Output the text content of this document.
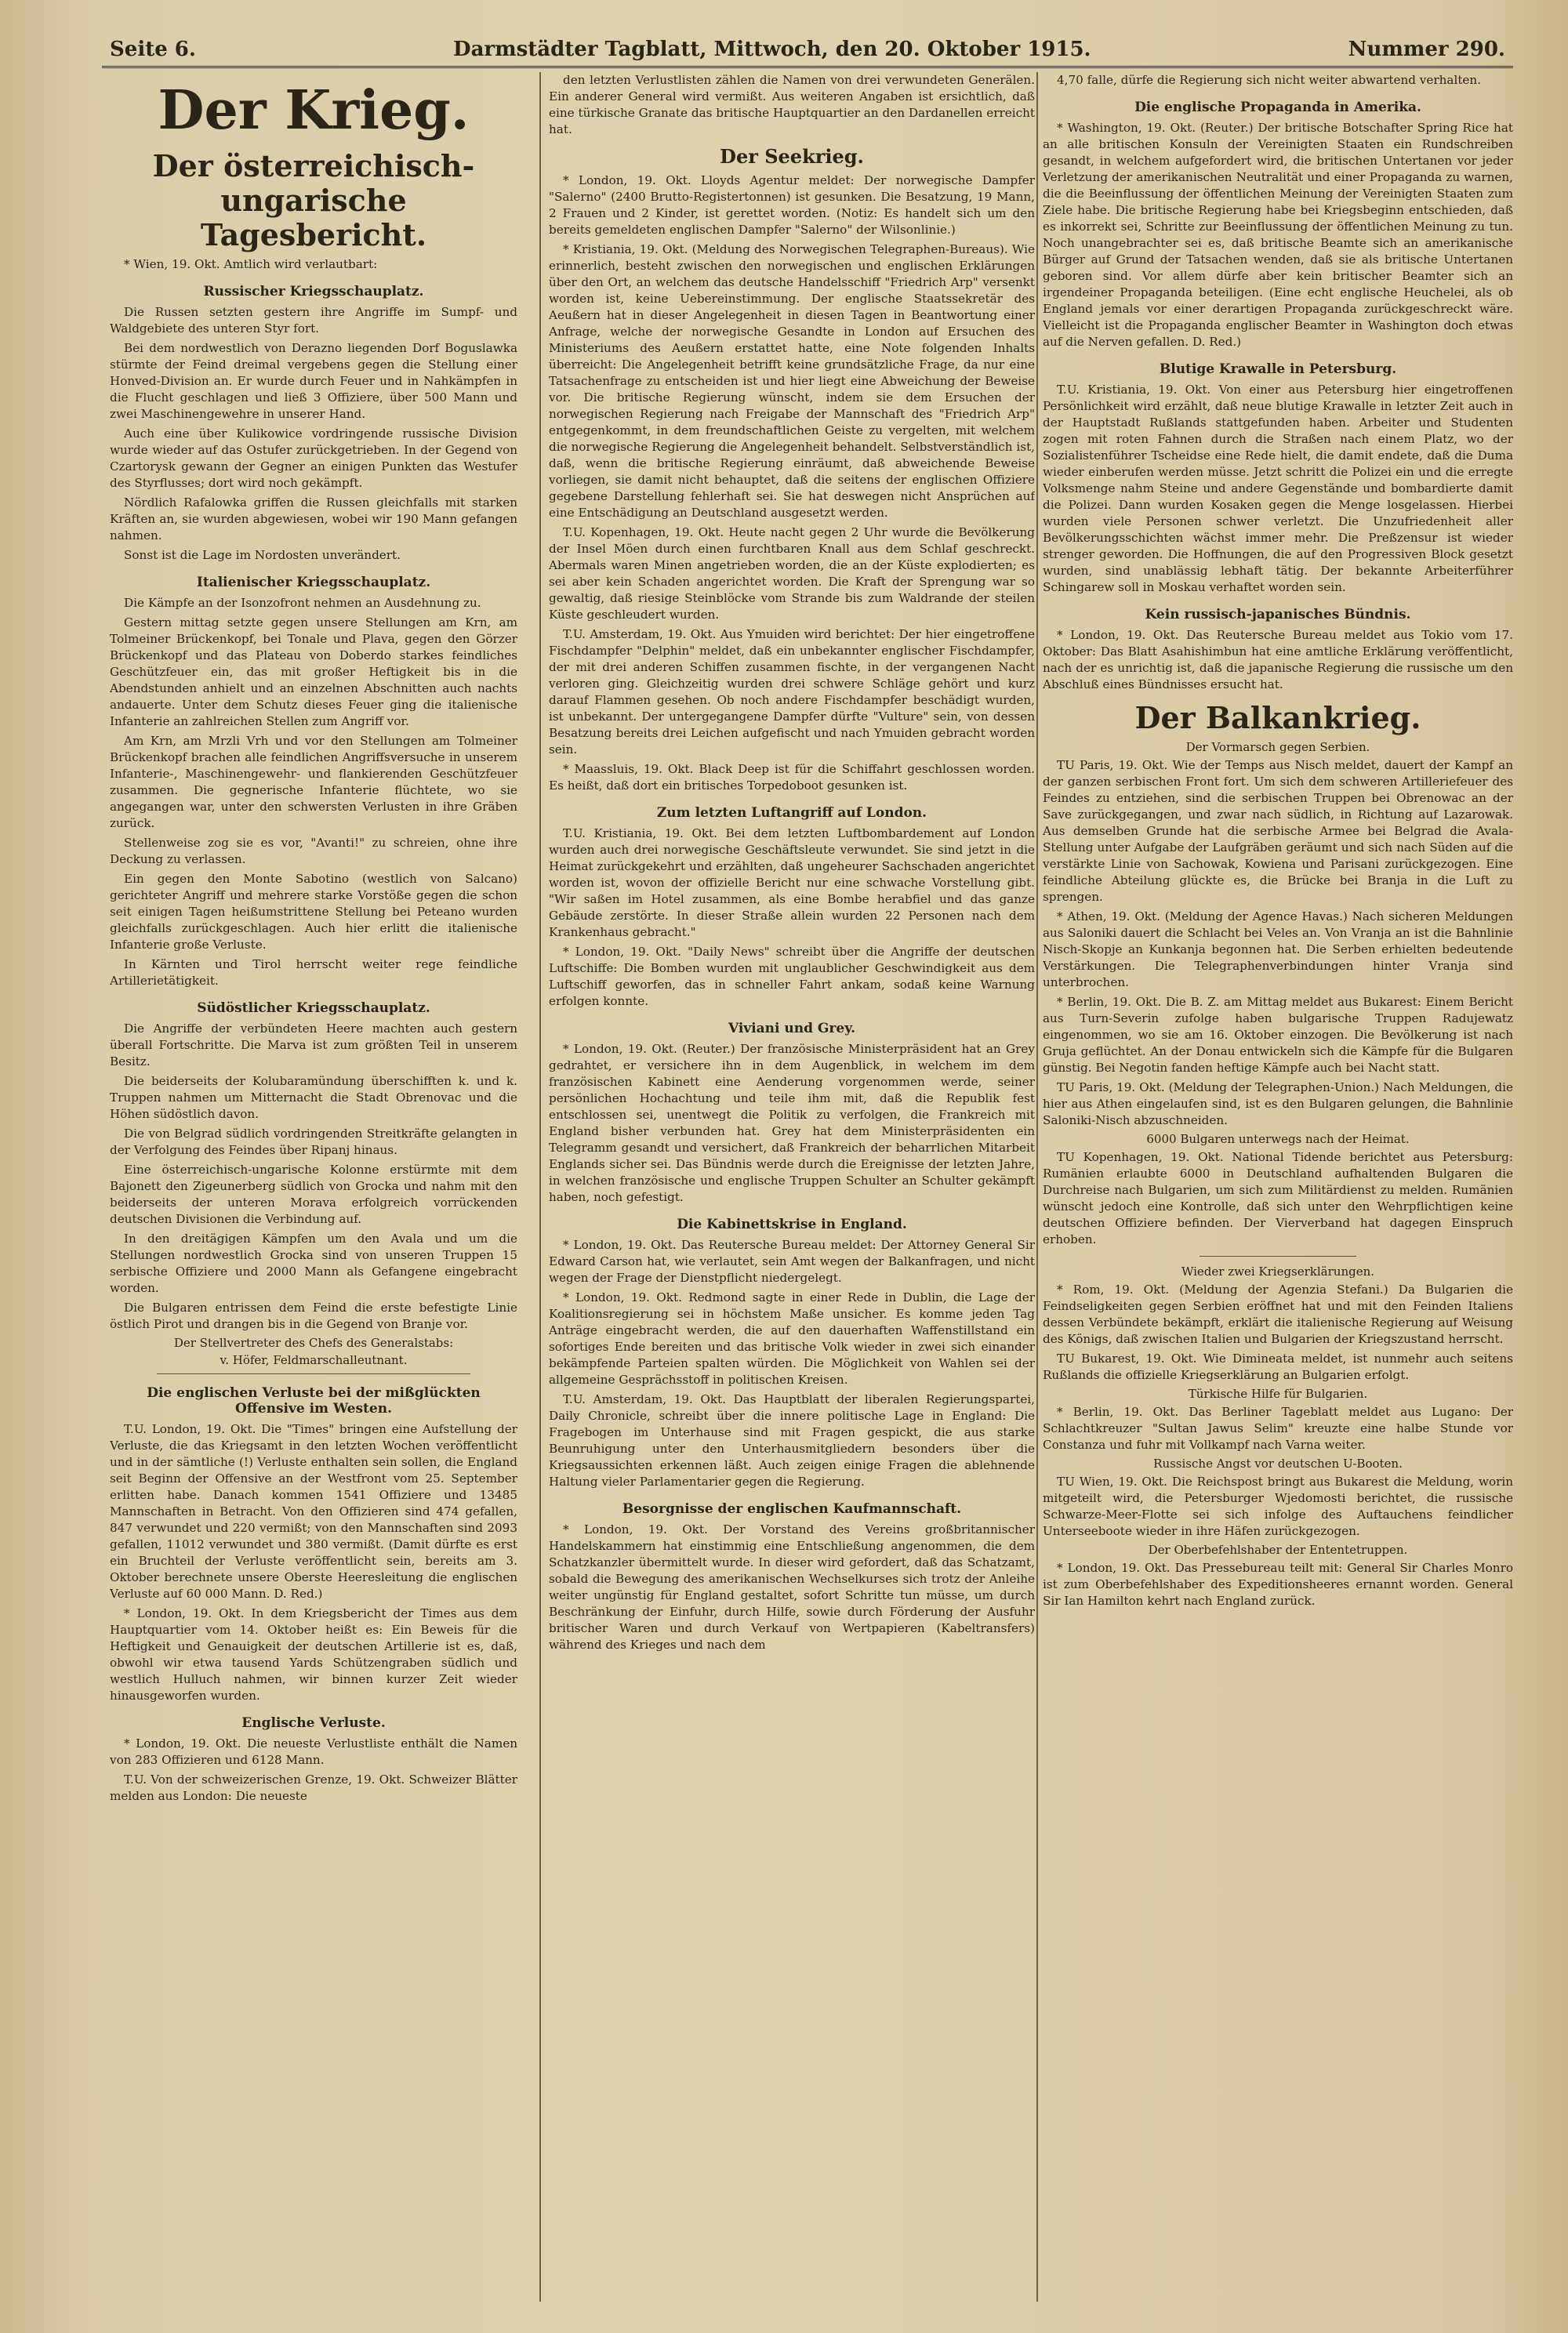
Seite 6.	Darmstädter Tagblatt, Mittwoch, den 20. Oktober 1915.	Nummer 290.
Der Krieg.
Der österreichisch-ungarische Tagesbericht.

* Wien, 19. Okt. Amtlich wird verlautbart:

Russischer Kriegsschauplatz.

Die Russen setzten gestern ihre Angriffe im Sumpf- und Waldgebiete des unteren Styr fort.

Bei dem nordwestlich von Derazno liegenden Dorf Boguslawka stürmte der Feind dreimal vergebens gegen die Stellung einer Honved-Division an. Er wurde durch Feuer und in Nahkämpfen in die Flucht geschlagen und ließ 3 Offiziere, über 500 Mann und zwei Maschinengewehre in unserer Hand.

Auch eine über Kulikowice vordringende russische Division wurde wieder auf das Ostufer zurückgetrieben. In der Gegend von Czartorysk gewann der Gegner an einigen Punkten das Westufer des Styrflusses; dort wird noch gekämpft.

Nördlich Rafalowka griffen die Russen gleichfalls mit starken Kräften an, sie wurden abgewiesen, wobei wir 190 Mann gefangen nahmen.

Sonst ist die Lage im Nordosten unverändert.

Italienischer Kriegsschauplatz.

Die Kämpfe an der Isonzofront nehmen an Ausdehnung zu.

Gestern mittag setzte gegen unsere Stellungen am Krn, am Tolmeiner Brückenkopf, bei Tonale und Plava, gegen den Görzer Brückenkopf und das Plateau von Doberdo starkes feindliches Geschützfeuer ein, das mit großer Heftigkeit bis in die Abendstunden anhielt und an einzelnen Abschnitten auch nachts andauerte. Unter dem Schutz dieses Feuer ging die italienische Infanterie an zahlreichen Stellen zum Angriff vor.

Am Krn, am Mrzli Vrh und vor den Stellungen am Tolmeiner Brückenkopf brachen alle feindlichen Angriffsversuche in unserem Infanterie-, Maschinengewehr- und flankierenden Geschützfeuer zusammen. Die gegnerische Infanterie flüchtete, wo sie angegangen war, unter den schwersten Verlusten in ihre Gräben zurück.

Stellenweise zog sie es vor, "Avanti!" zu schreien, ohne ihre Deckung zu verlassen.

Ein gegen den Monte Sabotino (westlich von Salcano) gerichteter Angriff und mehrere starke Vorstöße gegen die schon seit einigen Tagen heißumstrittene Stellung bei Peteano wurden gleichfalls zurückgeschlagen. Auch hier erlitt die italienische Infanterie große Verluste.

In Kärnten und Tirol herrscht weiter rege feindliche Artillerietätigkeit.

Südöstlicher Kriegsschauplatz.

Die Angriffe der verbündeten Heere machten auch gestern überall Fortschritte. Die Marva ist zum größten Teil in unserem Besitz.

Die beiderseits der Kolubaramündung überschifften k. und k. Truppen nahmen um Mitternacht die Stadt Obrenovac und die Höhen südöstlich davon.

Die von Belgrad südlich vordringenden Streitkräfte gelangten in der Verfolgung des Feindes über Ripanj hinaus.

Eine österreichisch-ungarische Kolonne erstürmte mit dem Bajonett den Zigeunerberg südlich von Grocka und nahm mit den beiderseits der unteren Morava erfolgreich vorrückenden deutschen Divisionen die Verbindung auf.

In den dreitägigen Kämpfen um den Avala und um die Stellungen nordwestlich Grocka sind von unseren Truppen 15 serbische Offiziere und 2000 Mann als Gefangene eingebracht worden.

Die Bulgaren entrissen dem Feind die erste befestigte Linie östlich Pirot und drangen bis in die Gegend von Branje vor.

Der Stellvertreter des Chefs des Generalstabs:
v. Höfer, Feldmarschalleutnant.
Die englischen Verluste bei der mißglückten Offensive im Westen.

T.U. London, 19. Okt. Die "Times" bringen eine Aufstellung der Verluste, die das Kriegsamt in den letzten Wochen veröffentlicht und in der sämtliche (!) Verluste enthalten sein sollen, die England seit Beginn der Offensive an der Westfront vom 25. September erlitten habe. Danach kommen 1541 Offiziere und 13485 Mannschaften in Betracht. Von den Offizieren sind 474 gefallen, 847 verwundet und 220 vermißt; von den Mannschaften sind 2093 gefallen, 11012 verwundet und 380 vermißt. (Damit dürfte es erst ein Bruchteil der Verluste veröffentlicht sein, bereits am 3. Oktober berechnete unsere Oberste Heeresleitung die englischen Verluste auf 60 000 Mann. D. Red.)

* London, 19. Okt. In dem Kriegsbericht der Times aus dem Hauptquartier vom 14. Oktober heißt es: Ein Beweis für die Heftigkeit und Genauigkeit der deutschen Artillerie ist es, daß, obwohl wir etwa tausend Yards Schützengraben südlich und westlich Hulluch nahmen, wir binnen kurzer Zeit wieder hinausgeworfen wurden.

Englische Verluste.

* London, 19. Okt. Die neueste Verlustliste enthält die Namen von 283 Offizieren und 6128 Mann.

T.U. Von der schweizerischen Grenze, 19. Okt. Schweizer Blätter melden aus London: Die neueste

den letzten Verlustlisten zählen die Namen von drei verwundeten Generälen. Ein anderer General wird vermißt. Aus weiteren Angaben ist ersichtlich, daß eine türkische Granate das britische Hauptquartier an den Dardanellen erreicht hat.

Der Seekrieg.

* London, 19. Okt. Lloyds Agentur meldet: Der norwegische Dampfer "Salerno" (2400 Brutto-Registertonnen) ist gesunken. Die Besatzung, 19 Mann, 2 Frauen und 2 Kinder, ist gerettet worden. (Notiz: Es handelt sich um den bereits gemeldeten englischen Dampfer "Salerno" der Wilsonlinie.)

* Kristiania, 19. Okt. (Meldung des Norwegischen Telegraphen-Bureaus). Wie erinnerlich, besteht zwischen den norwegischen und englischen Erklärungen über den Ort, an welchem das deutsche Handelsschiff "Friedrich Arp" versenkt worden ist, keine Uebereinstimmung. Der englische Staatssekretär des Aeußern hat in dieser Angelegenheit in diesen Tagen in Beantwortung einer Anfrage, welche der norwegische Gesandte in London auf Ersuchen des Ministeriums des Aeußern erstattet hatte, eine Note folgenden Inhalts überreicht: Die Angelegenheit betrifft keine grundsätzliche Frage, da nur eine Tatsachenfrage zu entscheiden ist und hier liegt eine Abweichung der Beweise vor. Die britische Regierung wünscht, indem sie dem Ersuchen der norwegischen Regierung nach Freigabe der Mannschaft des "Friedrich Arp" entgegenkommt, in dem freundschaftlichen Geiste zu vergelten, mit welchem die norwegische Regierung die Angelegenheit behandelt. Selbstverständlich ist, daß, wenn die britische Regierung einräumt, daß abweichende Beweise vorliegen, sie damit nicht behauptet, daß die seitens der englischen Offiziere gegebene Darstellung fehlerhaft sei. Sie hat deswegen nicht Ansprüchen auf eine Entschädigung an Deutschland ausgesetzt werden.

T.U. Kopenhagen, 19. Okt. Heute nacht gegen 2 Uhr wurde die Bevölkerung der Insel Möen durch einen furchtbaren Knall aus dem Schlaf geschreckt. Abermals waren Minen angetrieben worden, die an der Küste explodierten; es sei aber kein Schaden angerichtet worden. Die Kraft der Sprengung war so gewaltig, daß riesige Steinblöcke vom Strande bis zum Waldrande der steilen Küste geschleudert wurden.

T.U. Amsterdam, 19. Okt. Aus Ymuiden wird berichtet: Der hier eingetroffene Fischdampfer "Delphin" meldet, daß ein unbekannter englischer Fischdampfer, der mit drei anderen Schiffen zusammen fischte, in der vergangenen Nacht verloren ging. Gleichzeitig wurden drei schwere Schläge gehört und kurz darauf Flammen gesehen. Ob noch andere Fischdampfer beschädigt wurden, ist unbekannt. Der untergegangene Dampfer dürfte "Vulture" sein, von dessen Besatzung bereits drei Leichen aufgefischt und nach Ymuiden gebracht worden sein.

* Maassluis, 19. Okt. Black Deep ist für die Schiffahrt geschlossen worden. Es heißt, daß dort ein britisches Torpedoboot gesunken ist.

Zum letzten Luftangriff auf London.

T.U. Kristiania, 19. Okt. Bei dem letzten Luftbombardement auf London wurden auch drei norwegische Geschäftsleute verwundet. Sie sind jetzt in die Heimat zurückgekehrt und erzählten, daß ungeheurer Sachschaden angerichtet worden ist, wovon der offizielle Bericht nur eine schwache Vorstellung gibt. "Wir saßen im Hotel zusammen, als eine Bombe herabfiel und das ganze Gebäude zerstörte. In dieser Straße allein wurden 22 Personen nach dem Krankenhaus gebracht."

* London, 19. Okt. "Daily News" schreibt über die Angriffe der deutschen Luftschiffe: Die Bomben wurden mit unglaublicher Geschwindigkeit aus dem Luftschiff geworfen, das in schneller Fahrt ankam, sodaß keine Warnung erfolgen konnte.

Viviani und Grey.

* London, 19. Okt. (Reuter.) Der französische Ministerpräsident hat an Grey gedrahtet, er versichere ihn in dem Augenblick, in welchem im dem französischen Kabinett eine Aenderung vorgenommen werde, seiner persönlichen Hochachtung und teile ihm mit, daß die Republik fest entschlossen sei, unentwegt die Politik zu verfolgen, die Frankreich mit England bisher verbunden hat. Grey hat dem Ministerpräsidenten ein Telegramm gesandt und versichert, daß Frankreich der beharrlichen Mitarbeit Englands sicher sei. Das Bündnis werde durch die Ereignisse der letzten Jahre, in welchen französische und englische Truppen Schulter an Schulter gekämpft haben, noch gefestigt.

Die Kabinettskrise in England.

* London, 19. Okt. Das Reutersche Bureau meldet: Der Attorney General Sir Edward Carson hat, wie verlautet, sein Amt wegen der Balkanfragen, und nicht wegen der Frage der Dienstpflicht niedergelegt.

* London, 19. Okt. Redmond sagte in einer Rede in Dublin, die Lage der Koalitionsregierung sei in höchstem Maße unsicher. Es komme jeden Tag Anträge eingebracht werden, die auf den dauerhaften Waffenstillstand ein sofortiges Ende bereiten und das britische Volk wieder in zwei sich einander bekämpfende Parteien spalten würden. Die Möglichkeit von Wahlen sei der allgemeine Gesprächsstoff in politischen Kreisen.

T.U. Amsterdam, 19. Okt. Das Hauptblatt der liberalen Regierungspartei, Daily Chronicle, schreibt über die innere politische Lage in England: Die Fragebogen im Unterhause sind mit Fragen gespickt, die aus starke Beunruhigung unter den Unterhausmitgliedern besonders über die Kriegsaussichten erkennen läßt. Auch zeigen einige Fragen die ablehnende Haltung vieler Parlamentarier gegen die Regierung.

Besorgnisse der englischen Kaufmannschaft.

* London, 19. Okt. Der Vorstand des Vereins großbritannischer Handelskammern hat einstimmig eine Entschließung angenommen, die dem Schatzkanzler übermittelt wurde. In dieser wird gefordert, daß das Schatzamt, sobald die Bewegung des amerikanischen Wechselkurses sich trotz der Anleihe weiter ungünstig für England gestaltet, sofort Schritte tun müsse, um durch Beschränkung der Einfuhr, durch Hilfe, sowie durch Förderung der Ausfuhr britischer Waren und durch Verkauf von Wertpapieren (Kabeltransfers) während des Krieges und nach dem

4,70 falle, dürfe die Regierung sich nicht weiter abwartend verhalten.

Die englische Propaganda in Amerika.

* Washington, 19. Okt. (Reuter.) Der britische Botschafter Spring Rice hat an alle britischen Konsuln der Vereinigten Staaten ein Rundschreiben gesandt, in welchem aufgefordert wird, die britischen Untertanen vor jeder Verletzung der amerikanischen Neutralität und einer Propaganda zu warnen, die die Beeinflussung der öffentlichen Meinung der Vereinigten Staaten zum Ziele habe. Die britische Regierung habe bei Kriegsbeginn entschieden, daß es inkorrekt sei, Schritte zur Beeinflussung der öffentlichen Meinung zu tun. Noch unangebrachter sei es, daß britische Beamte sich an amerikanische Bürger auf Grund der Tatsachen wenden, daß sie als britische Untertanen geboren sind. Vor allem dürfe aber kein britischer Beamter sich an irgendeiner Propaganda beteiligen. (Eine echt englische Heuchelei, als ob England jemals vor einer derartigen Propaganda zurückgeschreckt wäre. Vielleicht ist die Propaganda englischer Beamter in Washington doch etwas auf die Nerven gefallen. D. Red.)

Blutige Krawalle in Petersburg.

T.U. Kristiania, 19. Okt. Von einer aus Petersburg hier eingetroffenen Persönlichkeit wird erzählt, daß neue blutige Krawalle in letzter Zeit auch in der Hauptstadt Rußlands stattgefunden haben. Arbeiter und Studenten zogen mit roten Fahnen durch die Straßen nach einem Platz, wo der Sozialistenführer Tscheidse eine Rede hielt, die damit endete, daß die Duma wieder einberufen werden müsse. Jetzt schritt die Polizei ein und die erregte Volksmenge nahm Steine und andere Gegenstände und bombardierte damit die Polizei. Dann wurden Kosaken gegen die Menge losgelassen. Hierbei wurden viele Personen schwer verletzt. Die Unzufriedenheit aller Bevölkerungsschichten wächst immer mehr. Die Preßzensur ist wieder strenger geworden. Die Hoffnungen, die auf den Progressiven Block gesetzt wurden, sind unablässig lebhaft tätig. Der bekannte Arbeiterführer Schingarew soll in Moskau verhaftet worden sein.

Kein russisch-japanisches Bündnis.

* London, 19. Okt. Das Reutersche Bureau meldet aus Tokio vom 17. Oktober: Das Blatt Asahishimbun hat eine amtliche Erklärung veröffentlicht, nach der es unrichtig ist, daß die japanische Regierung die russische um den Abschluß eines Bündnisses ersucht hat.

Der Balkankrieg.
Der Vormarsch gegen Serbien.

TU Paris, 19. Okt. Wie der Temps aus Nisch meldet, dauert der Kampf an der ganzen serbischen Front fort. Um sich dem schweren Artilleriefeuer des Feindes zu entziehen, sind die serbischen Truppen bei Obrenowac an der Save zurückgegangen, und zwar nach südlich, in Richtung auf Lazarowak. Aus demselben Grunde hat die serbische Armee bei Belgrad die Avala-Stellung unter Aufgabe der Laufgräben geräumt und sich nach Süden auf die verstärkte Linie von Sachowak, Kowiena und Parisani zurückgezogen. Eine feindliche Abteilung glückte es, die Brücke bei Branja in die Luft zu sprengen.

* Athen, 19. Okt. (Meldung der Agence Havas.) Nach sicheren Meldungen aus Saloniki dauert die Schlacht bei Veles an. Von Vranja an ist die Bahnlinie Nisch-Skopje an Kunkanja begonnen hat. Die Serben erhielten bedeutende Verstärkungen. Die Telegraphenverbindungen hinter Vranja sind unterbrochen.

* Berlin, 19. Okt. Die B. Z. am Mittag meldet aus Bukarest: Einem Bericht aus Turn-Severin zufolge haben bulgarische Truppen Radujewatz eingenommen, wo sie am 16. Oktober einzogen. Die Bevölkerung ist nach Gruja geflüchtet. An der Donau entwickeln sich die Kämpfe für die Bulgaren günstig. Bei Negotin fanden heftige Kämpfe auch bei Nacht statt.

TU Paris, 19. Okt. (Meldung der Telegraphen-Union.) Nach Meldungen, die hier aus Athen eingelaufen sind, ist es den Bulgaren gelungen, die Bahnlinie Saloniki-Nisch abzuschneiden.

6000 Bulgaren unterwegs nach der Heimat.

TU Kopenhagen, 19. Okt. National Tidende berichtet aus Petersburg: Rumänien erlaubte 6000 in Deutschland aufhaltenden Bulgaren die Durchreise nach Bulgarien, um sich zum Militärdienst zu melden. Rumänien wünscht jedoch eine Kontrolle, daß sich unter den Wehrpflichtigen keine deutschen Offiziere befinden. Der Vierverband hat dagegen Einspruch erhoben.

Wieder zwei Kriegserklärungen.

* Rom, 19. Okt. (Meldung der Agenzia Stefani.) Da Bulgarien die Feindseligkeiten gegen Serbien eröffnet hat und mit den Feinden Italiens dessen Verbündete bekämpft, erklärt die italienische Regierung auf Weisung des Königs, daß zwischen Italien und Bulgarien der Kriegszustand herrscht.

TU Bukarest, 19. Okt. Wie Dimineata meldet, ist nunmehr auch seitens Rußlands die offizielle Kriegserklärung an Bulgarien erfolgt.

Türkische Hilfe für Bulgarien.

* Berlin, 19. Okt. Das Berliner Tageblatt meldet aus Lugano: Der Schlachtkreuzer "Sultan Jawus Selim" kreuzte eine halbe Stunde vor Constanza und fuhr mit Vollkampf nach Varna weiter.

Russische Angst vor deutschen U-Booten.

TU Wien, 19. Okt. Die Reichspost bringt aus Bukarest die Meldung, worin mitgeteilt wird, die Petersburger Wjedomosti berichtet, die russische Schwarze-Meer-Flotte sei sich infolge des Auftauchens feindlicher Unterseeboote wieder in ihre Häfen zurückgezogen.

Der Oberbefehlshaber der Ententetruppen.

* London, 19. Okt. Das Pressebureau teilt mit: General Sir Charles Monro ist zum Oberbefehlshaber des Expeditionsheeres ernannt worden. General Sir Ian Hamilton kehrt nach England zurück.
